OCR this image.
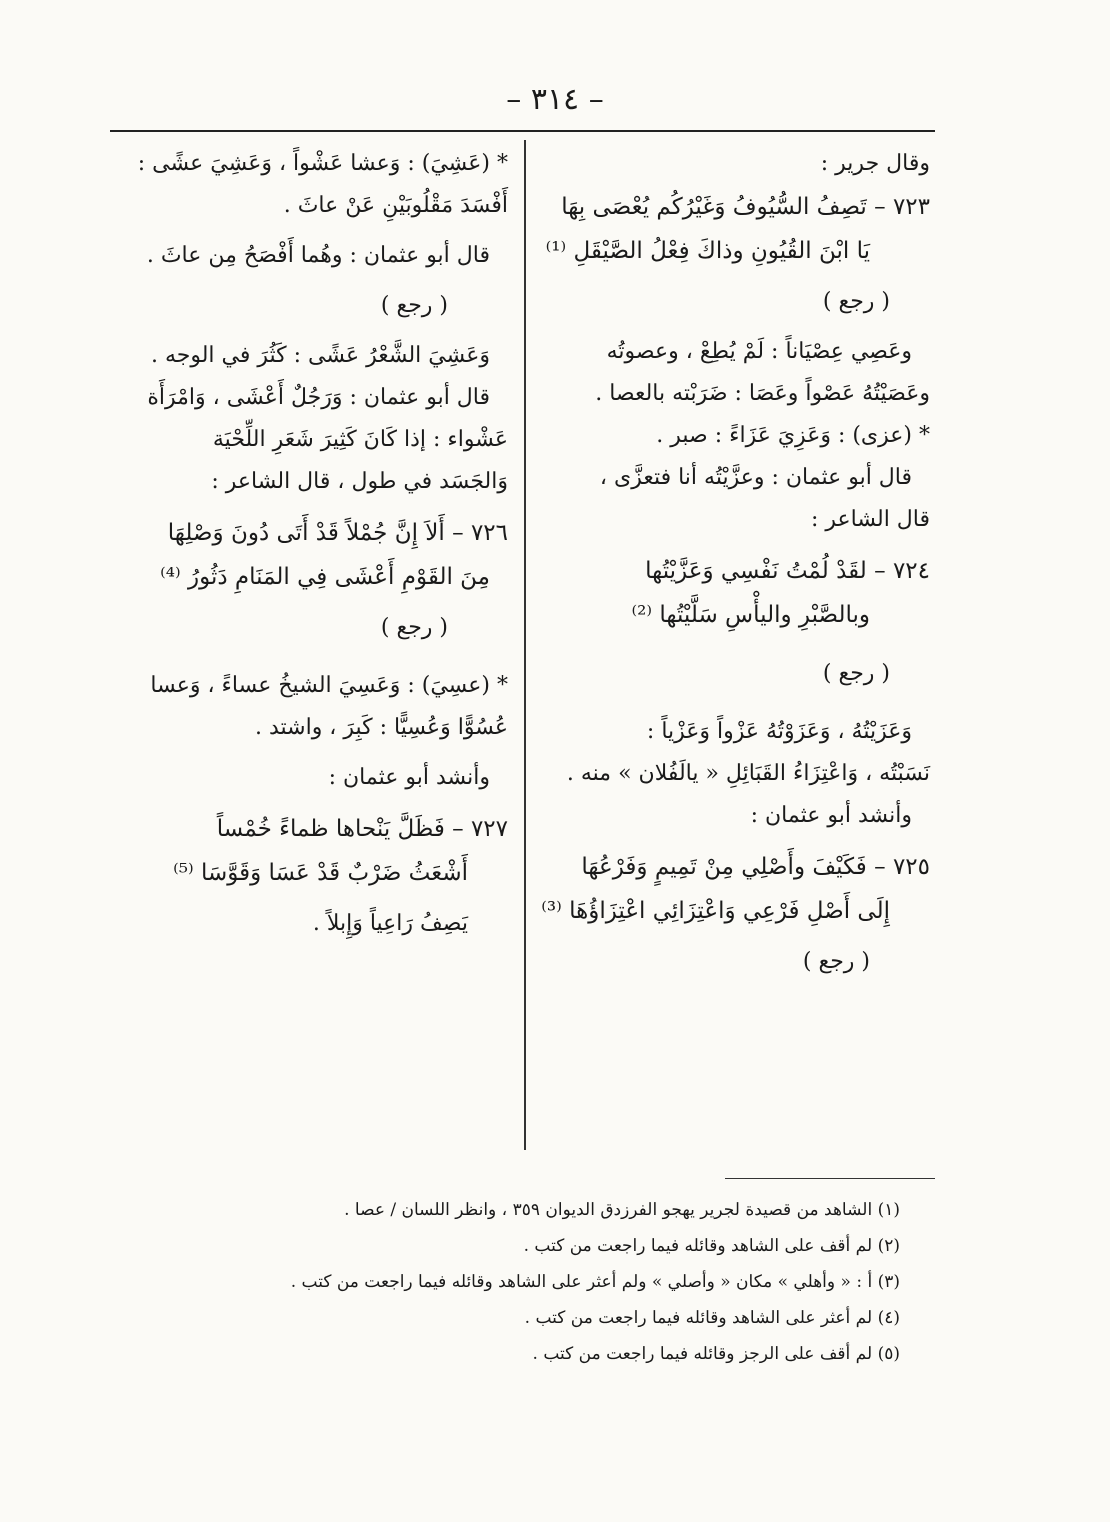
– ٣١٤ –

وقال جرير :

٧٢٣ – تَصِفُ السُّيُوفُ وَغَيْرُكُم يُعْصَى بِهَا

يَا ابْنَ القُيُونِ وذاكَ فِعْلُ الصَّيْقَلِ ⁽¹⁾

( رجع )

وعَصِي عِصْيَاناً : لَمْ يُطِعْ ، وعصوتُه

وعَصَيْتُهُ عَصْواً وعَصَا : ضَرَبْته بالعصا .

* (عزى) : وَعَزِيَ عَزَاءً : صبر .

قال أبو عثمان : وعزَّيْتُه أنا فتعزَّى ،

قال الشاعر :

٧٢٤ – لقَدْ لُمْتُ نَفْسِي وَعَزَّيْتُها

وبالصَّبْرِ واليأْسِ سَلَّيْتُها ⁽²⁾

( رجع )

وَعَزَيْتُهُ ، وَعَزَوْتُهُ عَزْواً وَعَزْياً :

نَسَبْتُه ، وَاعْتِزَاءُ القَبَائِلِ « يالَفُلان » منه .

وأنشد أبو عثمان :

٧٢٥ – فَكَيْفَ وأَصْلِي مِنْ تَمِيمٍ وَفَرْعُهَا

إِلَى أَصْلِ فَرْعِي وَاعْتِزَائِي اعْتِزَاؤُهَا ⁽³⁾

( رجع )

* (عَشِيَ) : وَعشا عَشْواً ، وَعَشِيَ عشًى :

أَفْسَدَ مَقْلُوبَيْنِ عَنْ عاثَ .

قال أبو عثمان : وهُما أَفْصَحُ مِن عاثَ .

( رجع )

وَعَشِيَ الشَّعْرُ عَشًى : كَثُرَ في الوجه .

قال أبو عثمان : وَرَجُلٌ أَعْشَى ، وَامْرَأَة

عَشْواء : إذا كَانَ كَثِيرَ شَعَرِ اللِّحْيَة

وَالجَسَد في طول ، قال الشاعر :

٧٢٦ – أَلاَ إِنَّ جُمْلاً قَدْ أَتَى دُونَ وَصْلِهَا

مِنَ القَوْمِ أَعْشَى فِي المَنَامِ دَثُورُ ⁽⁴⁾

( رجع )

* (عسِيَ) : وَعَسِيَ الشيخُ عساءً ، وَعسا

عُسُوًّا وَعُسِيًّا : كَبِرَ ، واشتد .

وأنشد أبو عثمان :

٧٢٧ – فَظَلَّ يَنْحاها ظماءً خُمْساً

أَشْعَثُ ضَرْبٌ قَدْ عَسَا وَقَوَّسَا ⁽⁵⁾

يَصِفُ رَاعِياً وَإِبلاً .

(١) الشاهد من قصيدة لجرير يهجو الفرزدق الديوان ٣٥٩ ، وانظر اللسان / عصا .

(٢) لم أقف على الشاهد وقائله فيما راجعت من كتب .

(٣) أ : « وأهلي » مكان « وأصلي » ولم أعثر على الشاهد وقائله فيما راجعت من كتب .

(٤) لم أعثر على الشاهد وقائله فيما راجعت من كتب .

(٥) لم أقف على الرجز وقائله فيما راجعت من كتب .
